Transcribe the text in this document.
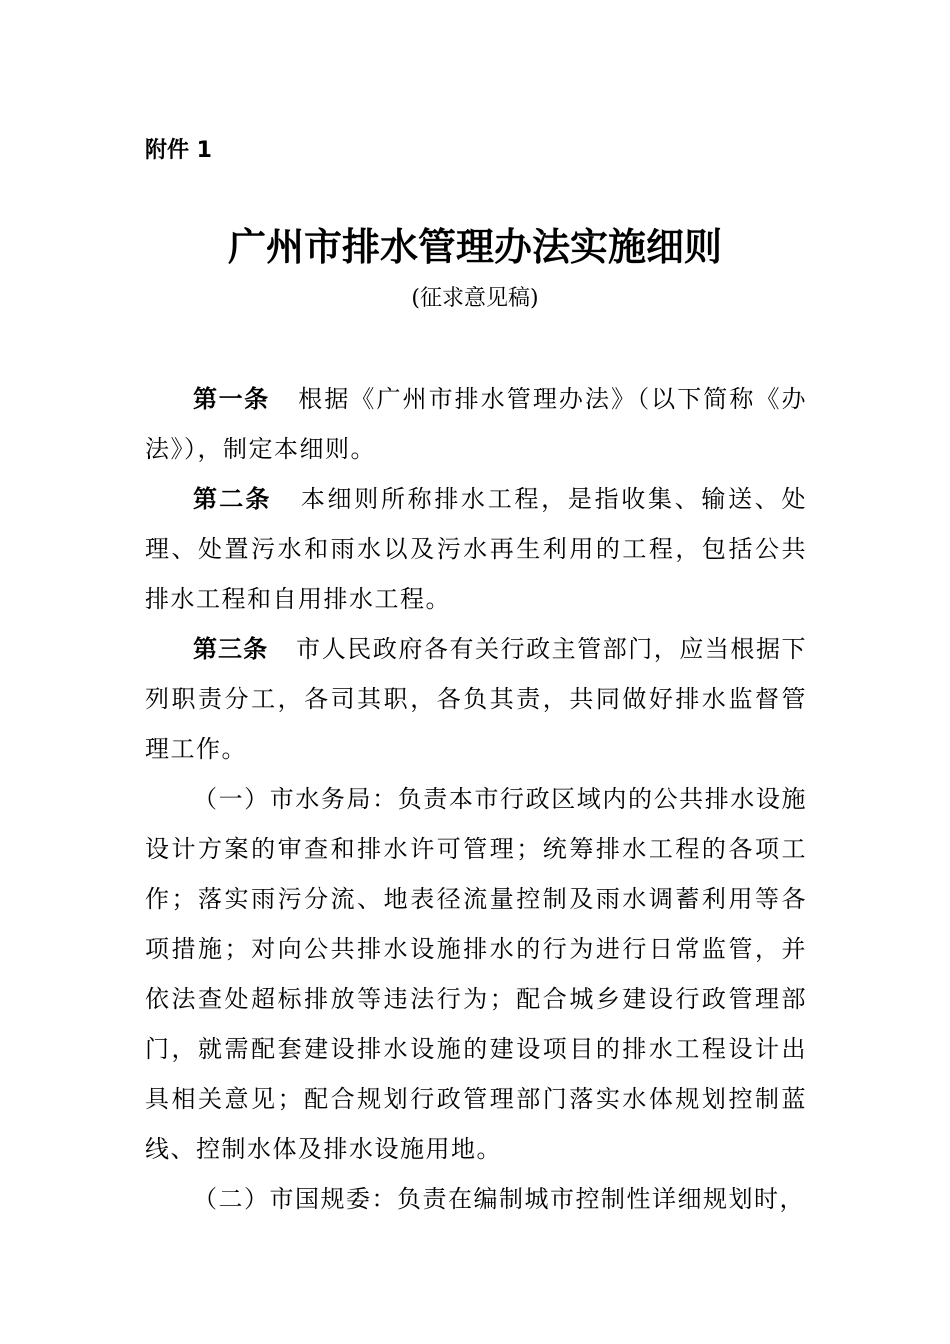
附件 1
广州市排水管理办法实施细则
(征求意见稿)

第一条 根据《广州市排水管理办法》（以下简称《办法》），制定本细则。

第二条 本细则所称排水工程，是指收集、输送、处理、处置污水和雨水以及污水再生利用的工程，包括公共排水工程和自用排水工程。

第三条 市人民政府各有关行政主管部门，应当根据下列职责分工，各司其职，各负其责，共同做好排水监督管理工作。

（一）市水务局：负责本市行政区域内的公共排水设施设计方案的审查和排水许可管理；统筹排水工程的各项工作；落实雨污分流、地表径流量控制及雨水调蓄利用等各项措施；对向公共排水设施排水的行为进行日常监管，并依法查处超标排放等违法行为；配合城乡建设行政管理部门，就需配套建设排水设施的建设项目的排水工程设计出具相关意见；配合规划行政管理部门落实水体规划控制蓝线、控制水体及排水设施用地。

（二）市国规委：负责在编制城市控制性详细规划时，
